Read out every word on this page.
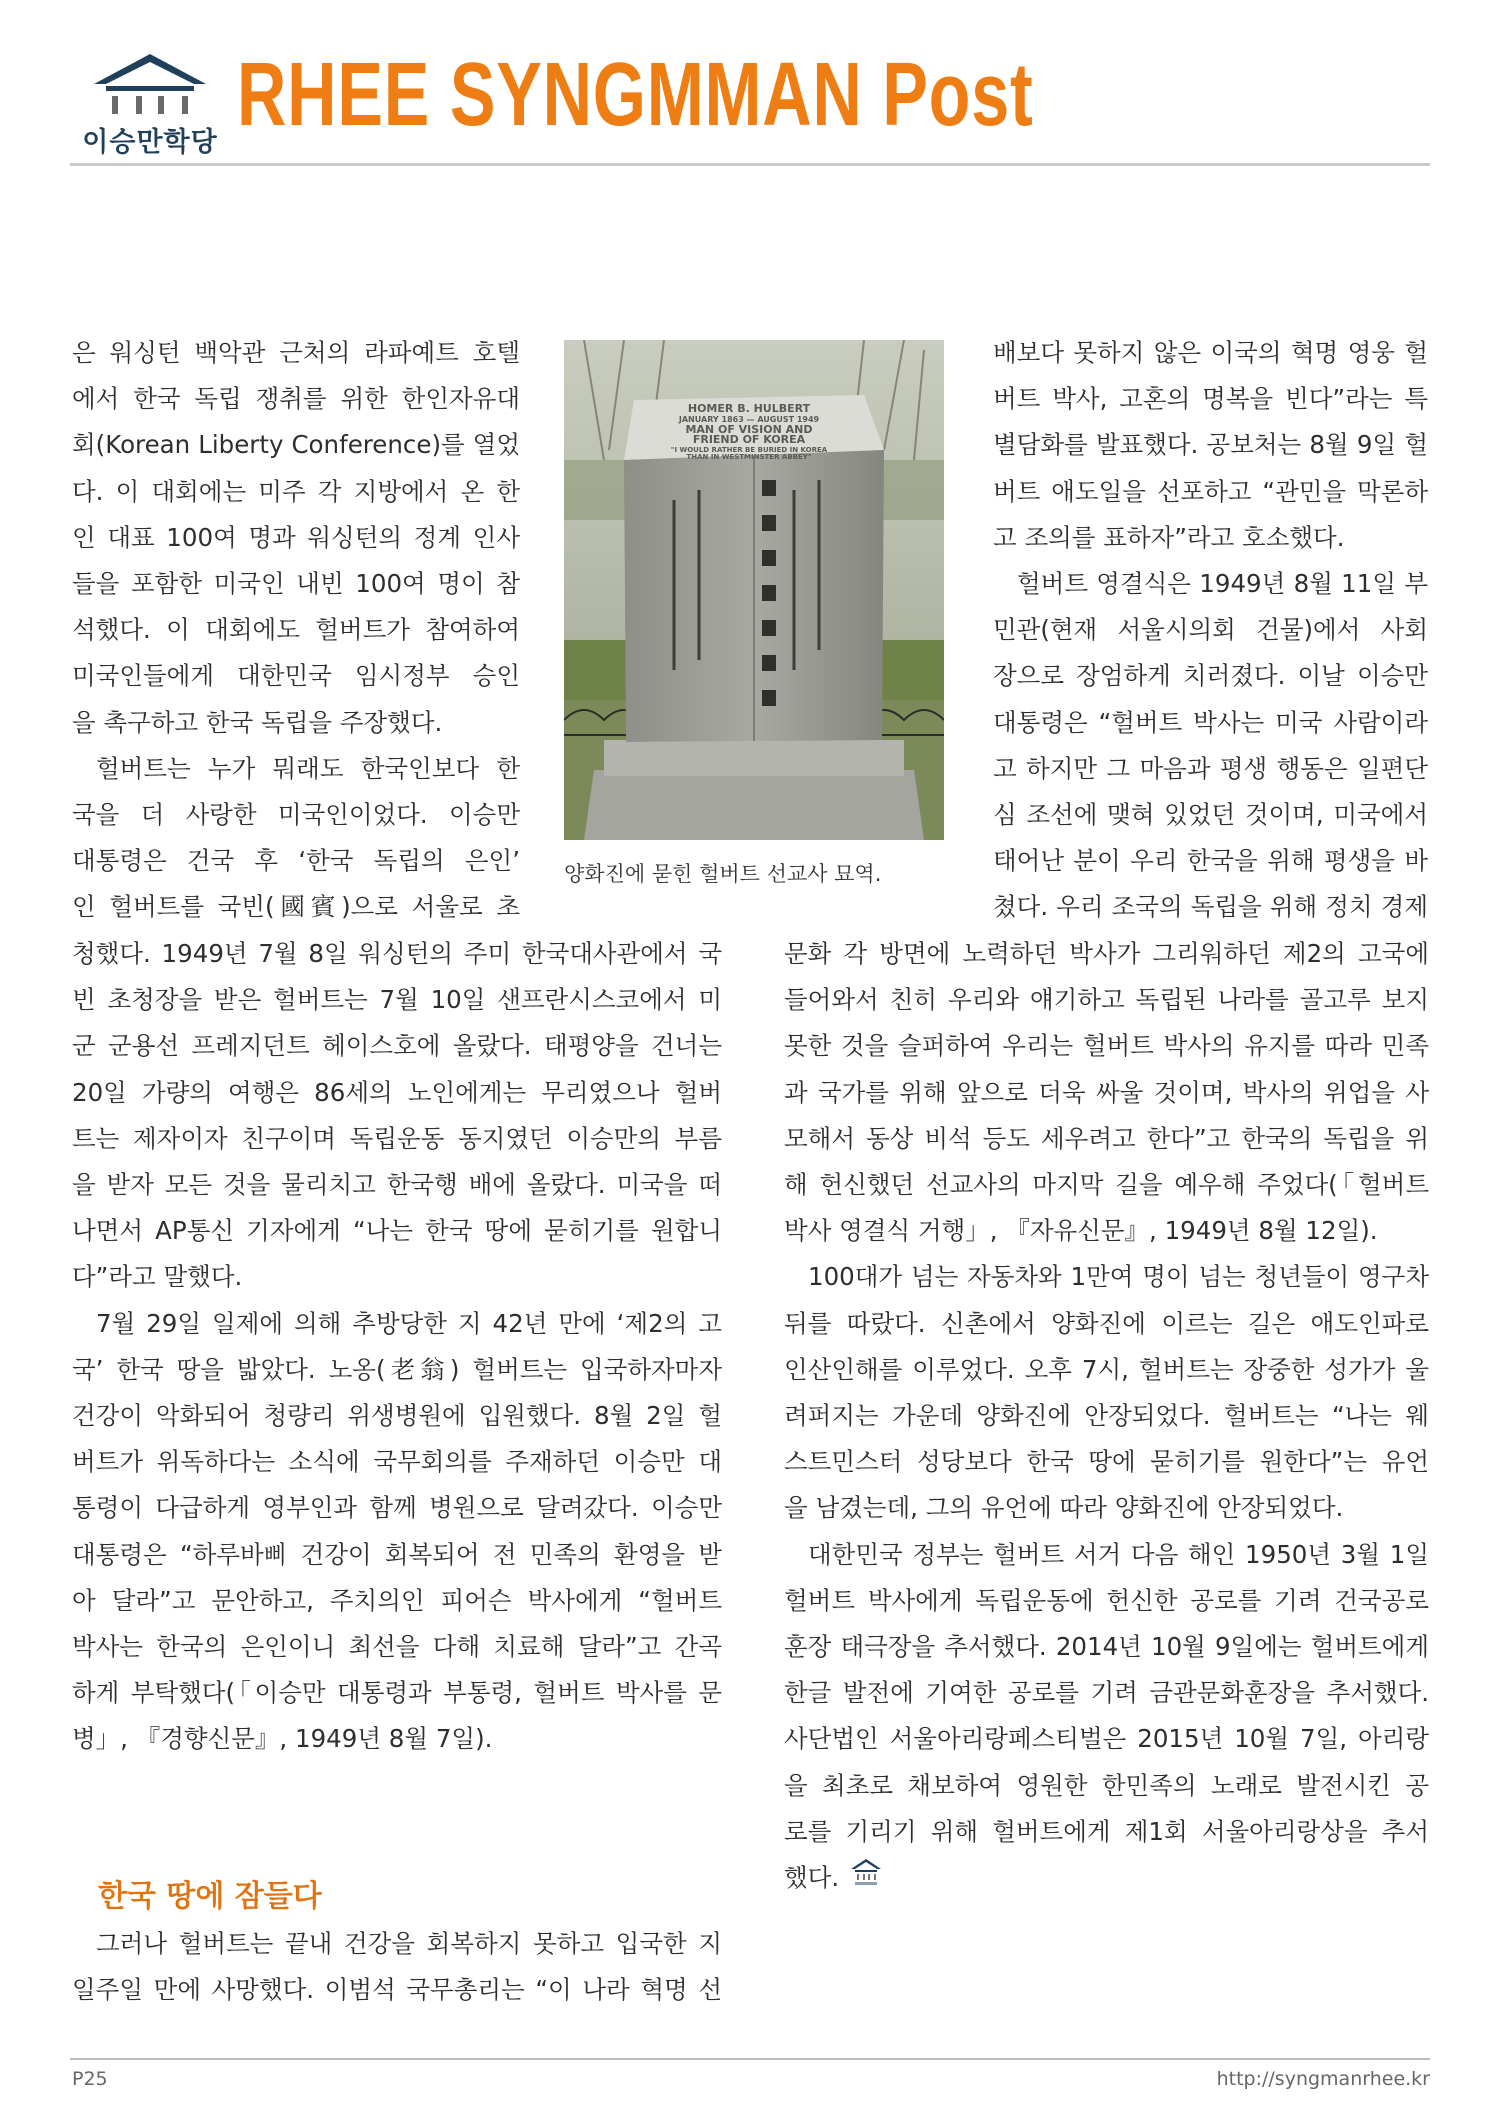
이승만학당 RHEE SYNGMMAN Post

은 워싱턴 백악관 근처의 라파예트 호텔

에서 한국 독립 쟁취를 위한 한인자유대

회(Korean Liberty Conference)를 열었

다. 이 대회에는 미주 각 지방에서 온 한

인 대표 100여 명과 워싱턴의 정계 인사

들을 포함한 미국인 내빈 100여 명이 참

석했다. 이 대회에도 헐버트가 참여하여

미국인들에게 대한민국 임시정부 승인

을 촉구하고 한국 독립을 주장했다.

헐버트는 누가 뭐래도 한국인보다 한

국을 더 사랑한 미국인이었다. 이승만

대통령은 건국 후 ‘한국 독립의 은인’

인 헐버트를 국빈(國賓)으로 서울로 초

HOMER B. HULBERT
JANUARY 1863 — AUGUST 1949
MAN OF VISION AND
FRIEND OF KOREA
"I WOULD RATHER BE BURIED IN KOREA
THAN IN WESTMINSTER ABBEY"
양화진에 묻힌 헐버트 선교사 묘역.

청했다. 1949년 7월 8일 워싱턴의 주미 한국대사관에서 국

빈 초청장을 받은 헐버트는 7월 10일 샌프란시스코에서 미

군 군용선 프레지던트 헤이스호에 올랐다. 태평양을 건너는

20일 가량의 여행은 86세의 노인에게는 무리였으나 헐버

트는 제자이자 친구이며 독립운동 동지였던 이승만의 부름

을 받자 모든 것을 물리치고 한국행 배에 올랐다. 미국을 떠

나면서 AP통신 기자에게 “나는 한국 땅에 묻히기를 원합니

다”라고 말했다.

7월 29일 일제에 의해 추방당한 지 42년 만에 ‘제2의 고

국’ 한국 땅을 밟았다. 노옹(老翁) 헐버트는 입국하자마자

건강이 악화되어 청량리 위생병원에 입원했다. 8월 2일 헐

버트가 위독하다는 소식에 국무회의를 주재하던 이승만 대

통령이 다급하게 영부인과 함께 병원으로 달려갔다. 이승만

대통령은 “하루바삐 건강이 회복되어 전 민족의 환영을 받

아 달라”고 문안하고, 주치의인 피어슨 박사에게 “헐버트

박사는 한국의 은인이니 최선을 다해 치료해 달라”고 간곡

하게 부탁했다(「이승만 대통령과 부통령, 헐버트 박사를 문

병」, 『경향신문』, 1949년 8월 7일).

한국 땅에 잠들다

그러나 헐버트는 끝내 건강을 회복하지 못하고 입국한 지

일주일 만에 사망했다. 이범석 국무총리는 “이 나라 혁명 선

배보다 못하지 않은 이국의 혁명 영웅 헐

버트 박사, 고혼의 명복을 빈다”라는 특

별담화를 발표했다. 공보처는 8월 9일 헐

버트 애도일을 선포하고 “관민을 막론하

고 조의를 표하자”라고 호소했다.

헐버트 영결식은 1949년 8월 11일 부

민관(현재 서울시의회 건물)에서 사회

장으로 장엄하게 치러졌다. 이날 이승만

대통령은 “헐버트 박사는 미국 사람이라

고 하지만 그 마음과 평생 행동은 일편단

심 조선에 맺혀 있었던 것이며, 미국에서

태어난 분이 우리 한국을 위해 평생을 바

쳤다. 우리 조국의 독립을 위해 정치 경제

문화 각 방면에 노력하던 박사가 그리워하던 제2의 고국에

들어와서 친히 우리와 얘기하고 독립된 나라를 골고루 보지

못한 것을 슬퍼하여 우리는 헐버트 박사의 유지를 따라 민족

과 국가를 위해 앞으로 더욱 싸울 것이며, 박사의 위업을 사

모해서 동상 비석 등도 세우려고 한다”고 한국의 독립을 위

해 헌신했던 선교사의 마지막 길을 예우해 주었다(「헐버트

박사 영결식 거행」, 『자유신문』, 1949년 8월 12일).

100대가 넘는 자동차와 1만여 명이 넘는 청년들이 영구차

뒤를 따랐다. 신촌에서 양화진에 이르는 길은 애도인파로

인산인해를 이루었다. 오후 7시, 헐버트는 장중한 성가가 울

려퍼지는 가운데 양화진에 안장되었다. 헐버트는 “나는 웨

스트민스터 성당보다 한국 땅에 묻히기를 원한다”는 유언

을 남겼는데, 그의 유언에 따라 양화진에 안장되었다.

대한민국 정부는 헐버트 서거 다음 해인 1950년 3월 1일

헐버트 박사에게 독립운동에 헌신한 공로를 기려 건국공로

훈장 태극장을 추서했다. 2014년 10월 9일에는 헐버트에게

한글 발전에 기여한 공로를 기려 금관문화훈장을 추서했다.

사단법인 서울아리랑페스티벌은 2015년 10월 7일, 아리랑

을 최초로 채보하여 영원한 한민족의 노래로 발전시킨 공

로를 기리기 위해 헐버트에게 제1회 서울아리랑상을 추서

했다.

P25	http://syngmanrhee.kr
